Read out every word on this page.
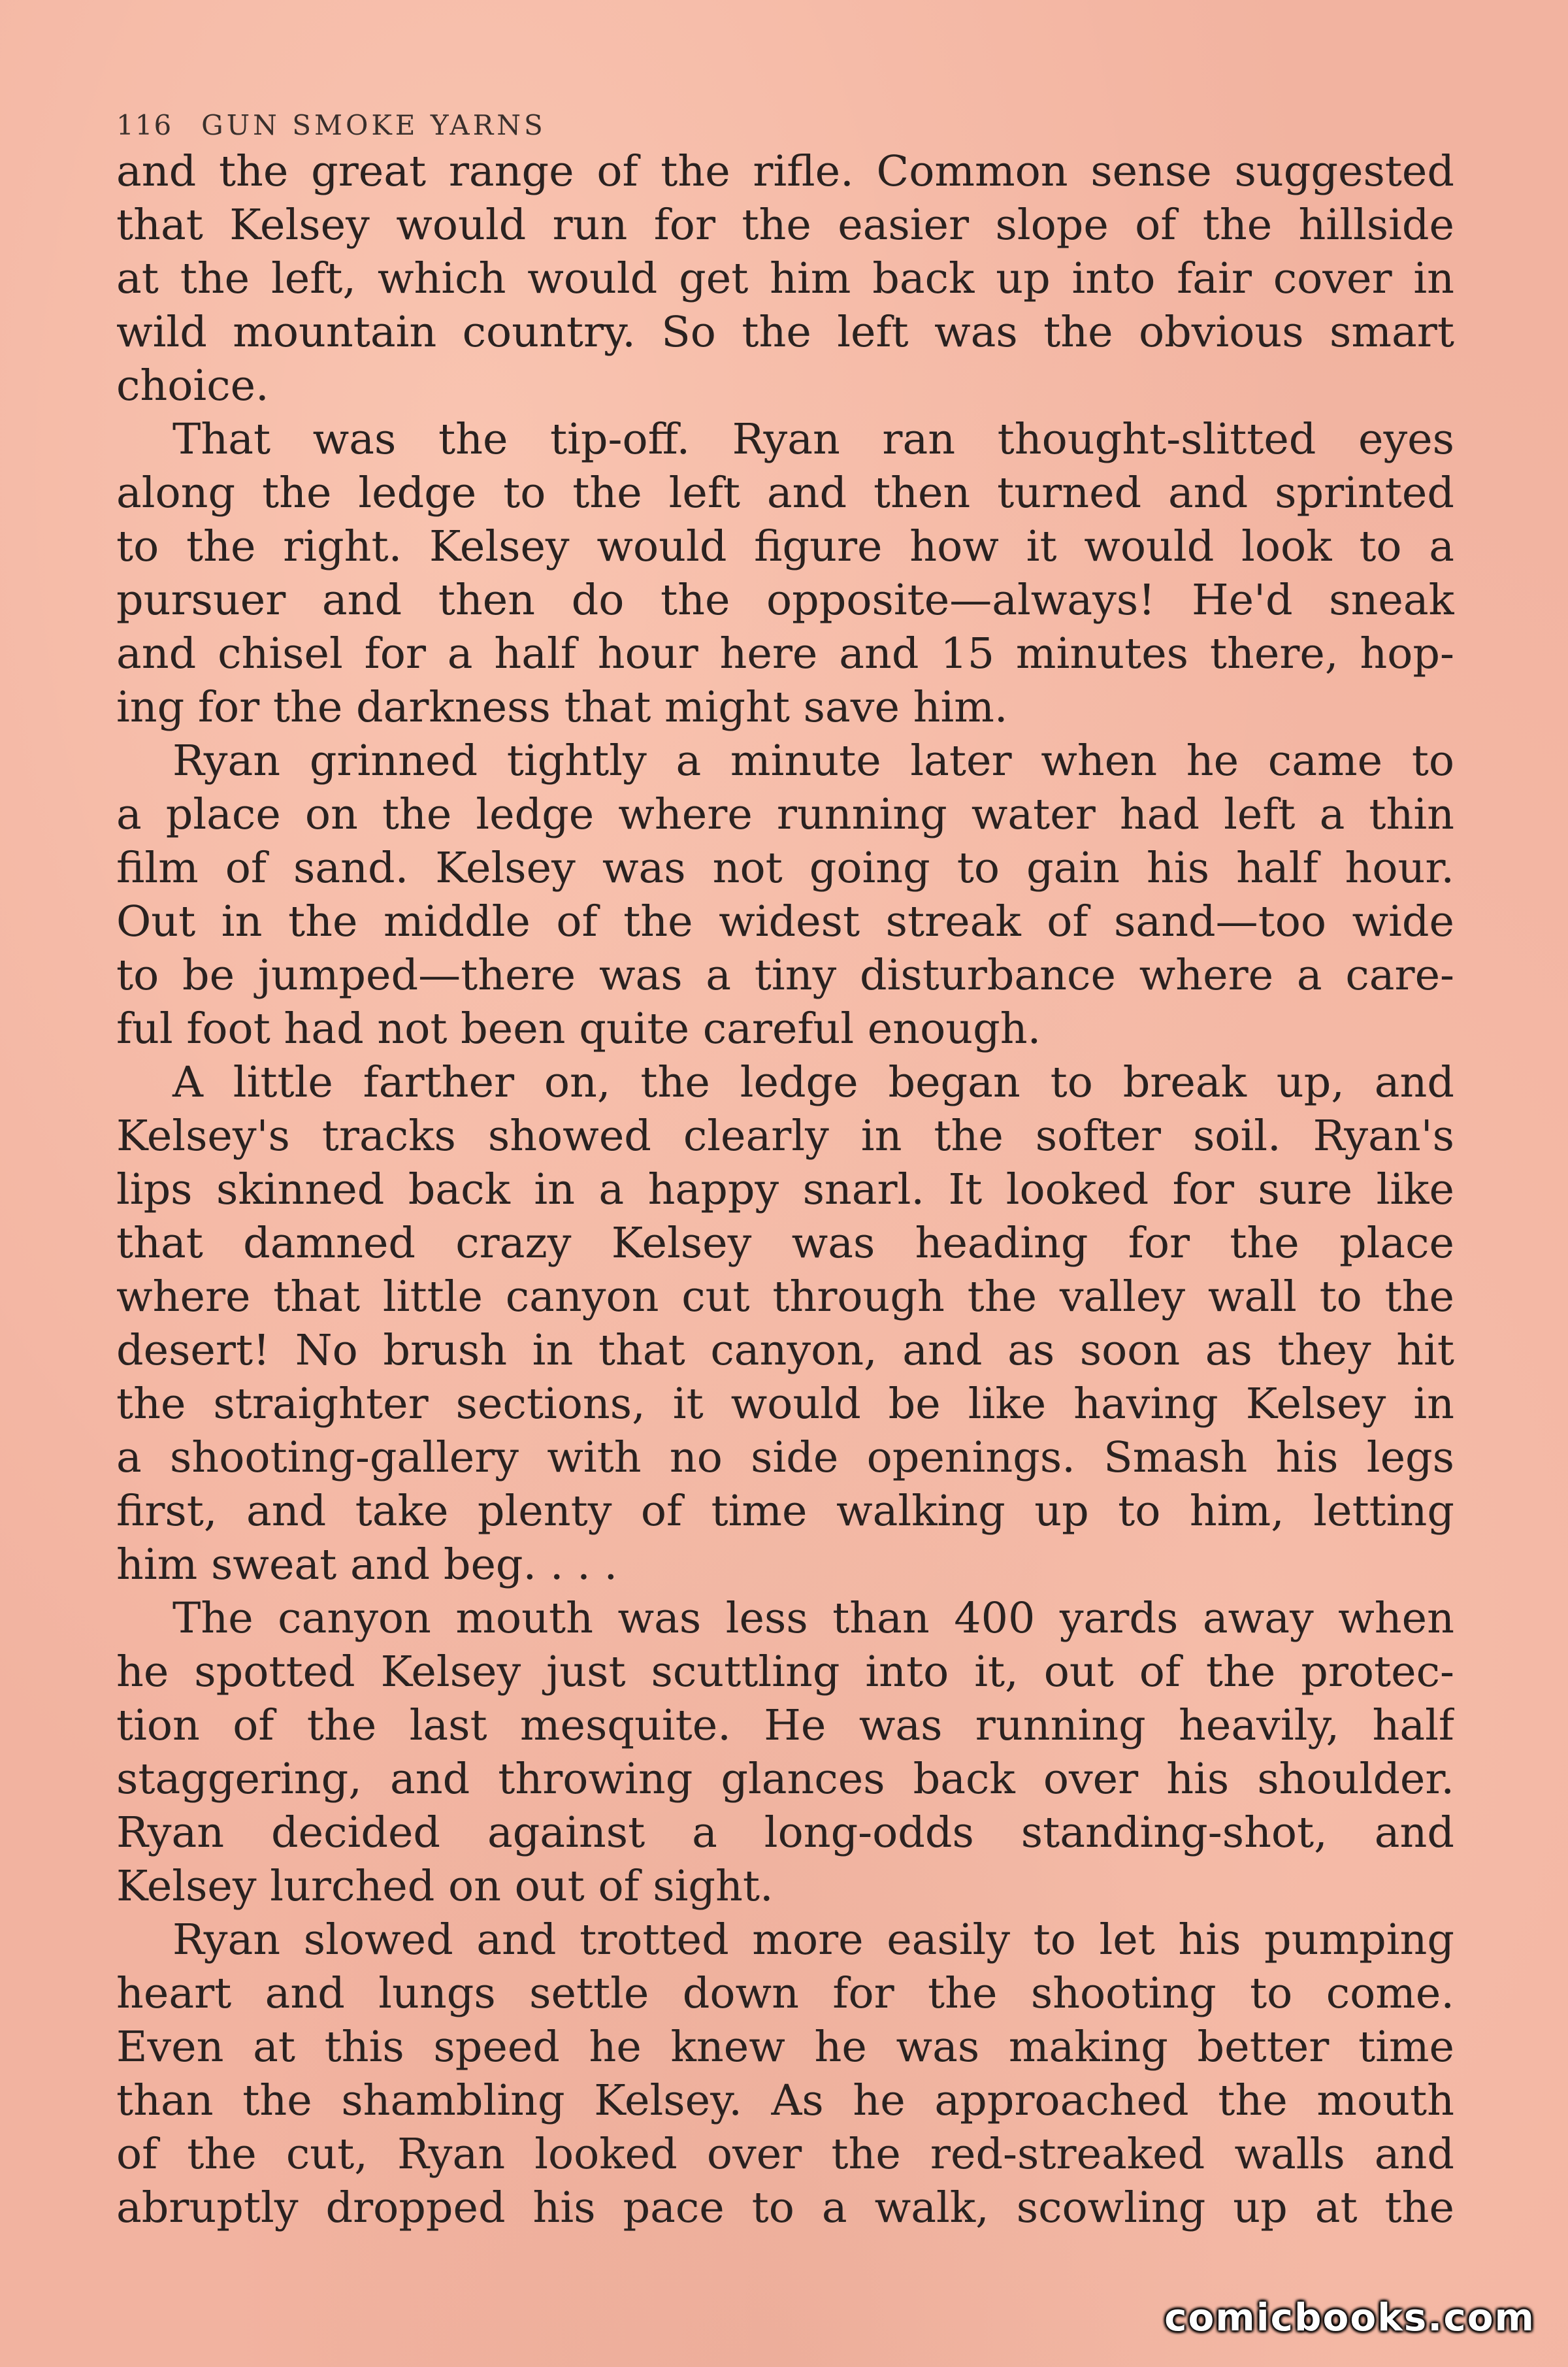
116 GUN SMOKE YARNS
and the great range of the rifle. Common sense suggested
that Kelsey would run for the easier slope of the hillside
at the left, which would get him back up into fair cover in
wild mountain country. So the left was the obvious smart
choice.
That was the tip-off. Ryan ran thought-slitted eyes
along the ledge to the left and then turned and sprinted
to the right. Kelsey would figure how it would look to a
pursuer and then do the opposite—always! He'd sneak
and chisel for a half hour here and 15 minutes there, hop-
ing for the darkness that might save him.
Ryan grinned tightly a minute later when he came to
a place on the ledge where running water had left a thin
film of sand. Kelsey was not going to gain his half hour.
Out in the middle of the widest streak of sand—too wide
to be jumped—there was a tiny disturbance where a care-
ful foot had not been quite careful enough.
A little farther on, the ledge began to break up, and
Kelsey's tracks showed clearly in the softer soil. Ryan's
lips skinned back in a happy snarl. It looked for sure like
that damned crazy Kelsey was heading for the place
where that little canyon cut through the valley wall to the
desert! No brush in that canyon, and as soon as they hit
the straighter sections, it would be like having Kelsey in
a shooting-gallery with no side openings. Smash his legs
first, and take plenty of time walking up to him, letting
him sweat and beg. . . .
The canyon mouth was less than 400 yards away when
he spotted Kelsey just scuttling into it, out of the protec-
tion of the last mesquite. He was running heavily, half
staggering, and throwing glances back over his shoulder.
Ryan decided against a long-odds standing-shot, and
Kelsey lurched on out of sight.
Ryan slowed and trotted more easily to let his pumping
heart and lungs settle down for the shooting to come.
Even at this speed he knew he was making better time
than the shambling Kelsey. As he approached the mouth
of the cut, Ryan looked over the red-streaked walls and
abruptly dropped his pace to a walk, scowling up at the
comicbooks.com
